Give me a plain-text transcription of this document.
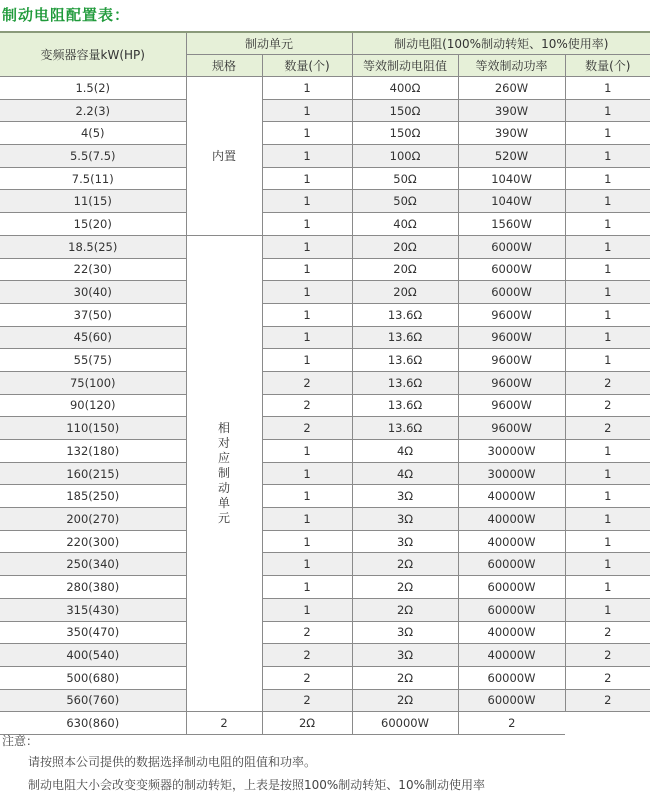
制动电阻配置表：
变频器容量kW(HP)	制动单元		制动电阻(100%制动转矩、10%使用率)		
	规格	数量(个)	等效制动电阻值	等效制动功率	数量(个)
1.5(2)	内置	1	400Ω	260W	1
2.2(3)		1	150Ω	390W	1
4(5)		1	150Ω	390W	1
5.5(7.5)		1	100Ω	520W	1
7.5(11)		1	50Ω	1040W	1
11(15)		1	50Ω	1040W	1
15(20)		1	40Ω	1560W	1
18.5(25)	相对应制动单元	1	20Ω	6000W	1
22(30)		1	20Ω	6000W	1
30(40)		1	20Ω	6000W	1
37(50)		1	13.6Ω	9600W	1
45(60)		1	13.6Ω	9600W	1
55(75)		1	13.6Ω	9600W	1
75(100)		2	13.6Ω	9600W	2
90(120)		2	13.6Ω	9600W	2
110(150)		2	13.6Ω	9600W	2
132(180)		1	4Ω	30000W	1
160(215)		1	4Ω	30000W	1
185(250)		1	3Ω	40000W	1
200(270)		1	3Ω	40000W	1
220(300)		1	3Ω	40000W	1
250(340)		1	2Ω	60000W	1
280(380)		1	2Ω	60000W	1
315(430)		1	2Ω	60000W	1
350(470)		2	3Ω	40000W	2
400(540)		2	3Ω	40000W	2
500(680)		2	2Ω	60000W	2
560(760)		2	2Ω	60000W	2
630(860)	2	2Ω	60000W	2	
注意：
请按照本公司提供的数据选择制动电阻的阻值和功率。
制动电阻大小会改变变频器的制动转矩，上表是按照100%制动转矩、10%制动使用率
